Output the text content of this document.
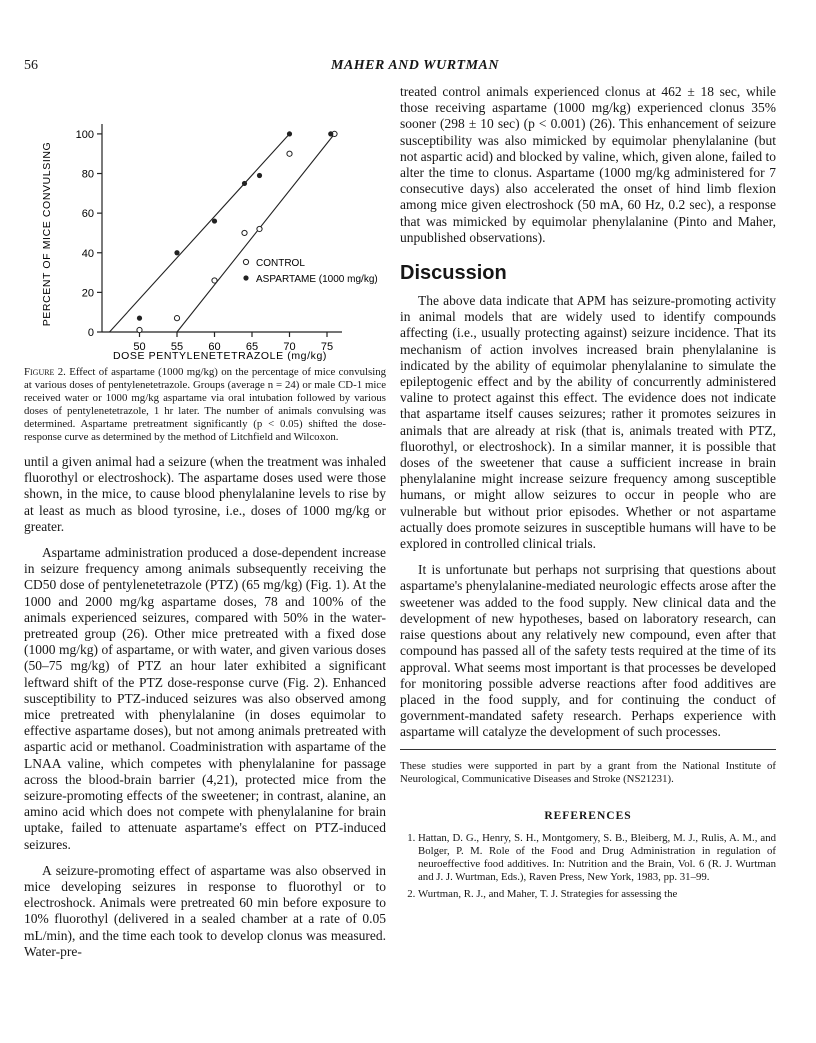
56	MAHER AND WURTMAN
0
20
40
60
80
100
50 55 60 65 70 75
PERCENT OF MICE CONVULSING
DOSE PENTYLENETETRAZOLE (mg/kg)
CONTROL
ASPARTAME (1000 mg/kg)
Figure 2. Effect of aspartame (1000 mg/kg) on the percentage of mice convulsing at various doses of pentylenetetrazole. Groups (average n = 24) or male CD-1 mice received water or 1000 mg/kg aspartame via oral intubation followed by various doses of pentylenetetrazole, 1 hr later. The number of animals convulsing was determined. Aspartame pretreatment significantly (p < 0.05) shifted the dose-response curve as determined by the method of Litchfield and Wilcoxon.

until a given animal had a seizure (when the treatment was inhaled fluorothyl or electroshock). The aspartame doses used were those shown, in the mice, to cause blood phenylalanine levels to rise by at least as much as blood tyrosine, i.e., doses of 1000 mg/kg or greater.

Aspartame administration produced a dose-dependent increase in seizure frequency among animals subsequently receiving the CD50 dose of pentylenetetrazole (PTZ) (65 mg/kg) (Fig. 1). At the 1000 and 2000 mg/kg aspartame doses, 78 and 100% of the animals experienced seizures, compared with 50% in the water-pretreated group (26). Other mice pretreated with a fixed dose (1000 mg/kg) of aspartame, or with water, and given various doses (50–75 mg/kg) of PTZ an hour later exhibited a significant leftward shift of the PTZ dose-response curve (Fig. 2). Enhanced susceptibility to PTZ-induced seizures was also observed among mice pretreated with phenylalanine (in doses equimolar to effective aspartame doses), but not among animals pretreated with aspartic acid or methanol. Coadministration with aspartame of the LNAA valine, which competes with phenylalanine for passage across the blood-brain barrier (4,21), protected mice from the seizure-promoting effects of the sweetener; in contrast, alanine, an amino acid which does not compete with phenylalanine for brain uptake, failed to attenuate aspartame's effect on PTZ-induced seizures.

A seizure-promoting effect of aspartame was also observed in mice developing seizures in response to fluorothyl or to electroshock. Animals were pretreated 60 min before exposure to 10% fluorothyl (delivered in a sealed chamber at a rate of 0.05 mL/min), and the time each took to develop clonus was measured. Water-pre-

treated control animals experienced clonus at 462 ± 18 sec, while those receiving aspartame (1000 mg/kg) experienced clonus 35% sooner (298 ± 10 sec) (p < 0.001) (26). This enhancement of seizure susceptibility was also mimicked by equimolar phenylalanine (but not aspartic acid) and blocked by valine, which, given alone, failed to alter the time to clonus. Aspartame (1000 mg/kg administered for 7 consecutive days) also accelerated the onset of hind limb flexion among mice given electroshock (50 mA, 60 Hz, 0.2 sec), a response that was mimicked by equimolar phenylalanine (Pinto and Maher, unpublished observations).

Discussion

The above data indicate that APM has seizure-promoting activity in animal models that are widely used to identify compounds affecting (i.e., usually protecting against) seizure incidence. That its mechanism of action involves increased brain phenylalanine is indicated by the ability of equimolar phenylalanine to simulate the epileptogenic effect and by the ability of concurrently administered valine to protect against this effect. The evidence does not indicate that aspartame itself causes seizures; rather it promotes seizures in animals that are already at risk (that is, animals treated with PTZ, fluorothyl, or electroshock). In a similar manner, it is possible that doses of the sweetener that cause a sufficient increase in brain phenylalanine might increase seizure frequency among susceptible humans, or might allow seizures to occur in people who are vulnerable but without prior episodes. Whether or not aspartame actually does promote seizures in susceptible humans will have to be explored in controlled clinical trials.

It is unfortunate but perhaps not surprising that questions about aspartame's phenylalanine-mediated neurologic effects arose after the sweetener was added to the food supply. New clinical data and the development of new hypotheses, based on laboratory research, can raise questions about any relatively new compound, even after that compound has passed all of the safety tests required at the time of its approval. What seems most important is that processes be developed for monitoring possible adverse reactions after food additives are placed in the food supply, and for continuing the conduct of government-mandated safety research. Perhaps experience with aspartame will catalyze the development of such processes.

These studies were supported in part by a grant from the National Institute of Neurological, Communicative Diseases and Stroke (NS21231).
REFERENCES
1. Hattan, D. G., Henry, S. H., Montgomery, S. B., Bleiberg, M. J., Rulis, A. M., and Bolger, P. M. Role of the Food and Drug Administration in regulation of neuroeffective food additives. In: Nutrition and the Brain, Vol. 6 (R. J. Wurtman and J. J. Wurtman, Eds.), Raven Press, New York, 1983, pp. 31–99.
2. Wurtman, R. J., and Maher, T. J. Strategies for assessing the
